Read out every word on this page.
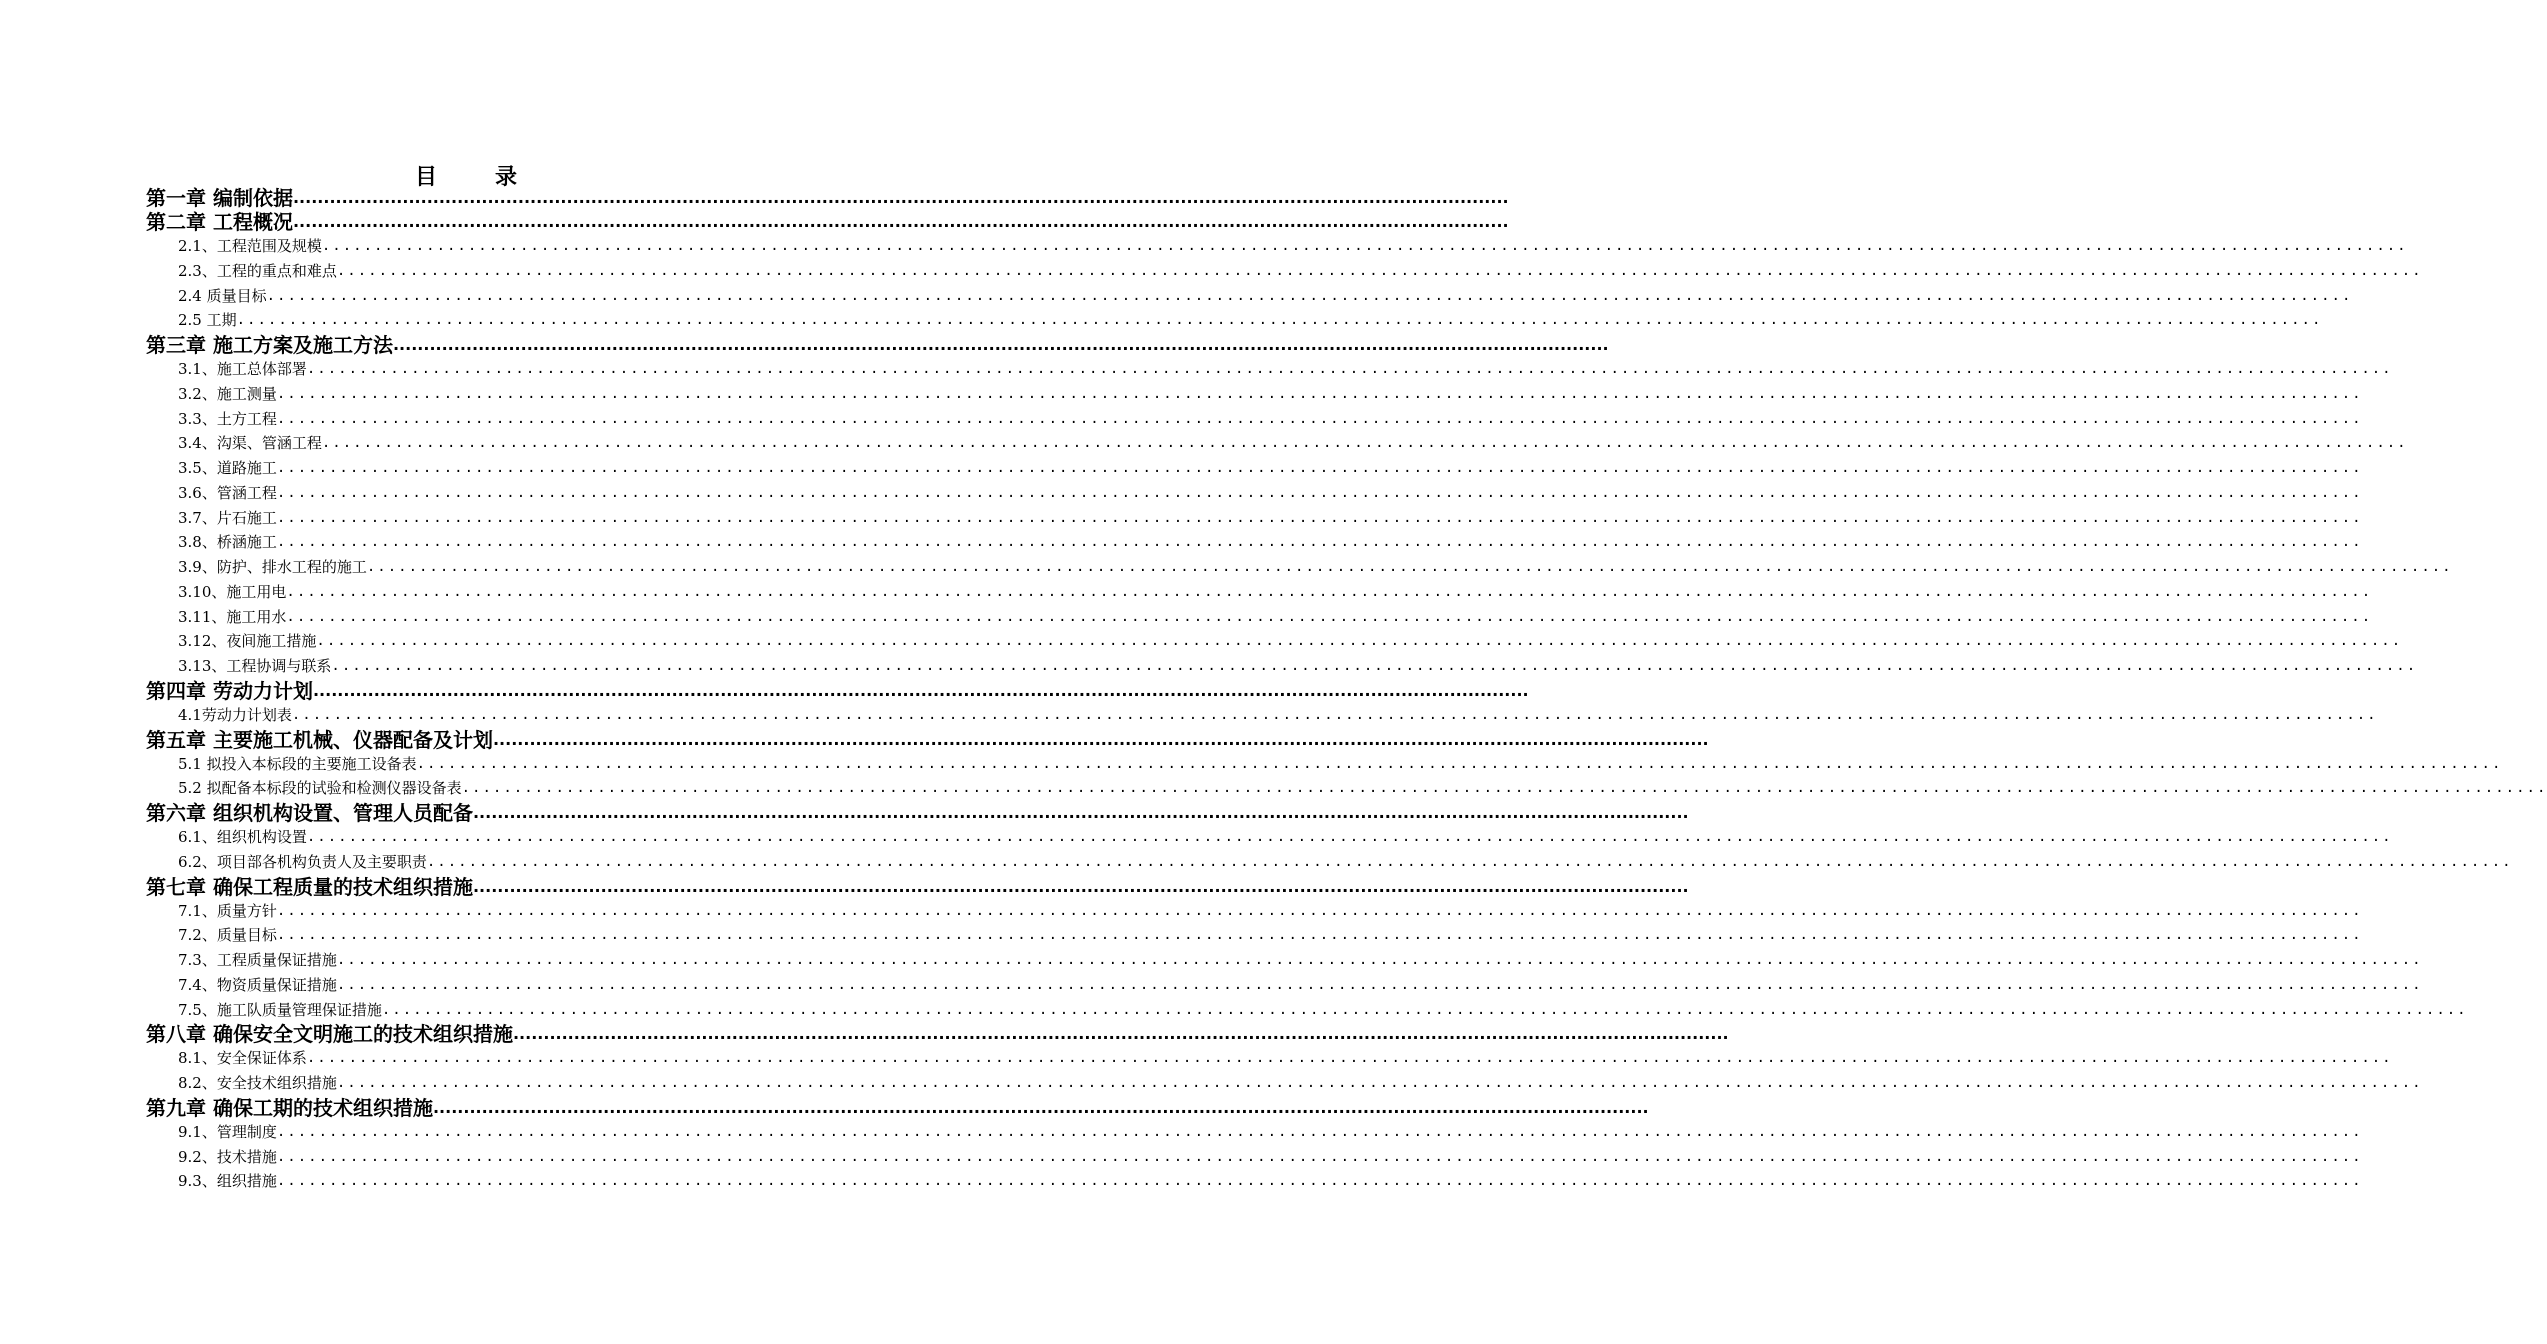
目　录
第一章 编制依据 ........................................................................................................................................................................................................
第二章 工程概况 ........................................................................................................................................................................................................
2.1、工程范围及规模 ........................................................................................................................................................................................................
2.3、工程的重点和难点 ........................................................................................................................................................................................................
2.4 质量目标 ........................................................................................................................................................................................................
2.5 工期 ........................................................................................................................................................................................................
第三章 施工方案及施工方法 ........................................................................................................................................................................................................
3.1、施工总体部署 ........................................................................................................................................................................................................
3.2、施工测量 ........................................................................................................................................................................................................
3.3、土方工程 ........................................................................................................................................................................................................
3.4、沟渠、管涵工程 ........................................................................................................................................................................................................
3.5、道路施工 ........................................................................................................................................................................................................
3.6、管涵工程 ........................................................................................................................................................................................................
3.7、片石施工 ........................................................................................................................................................................................................
3.8、桥涵施工 ........................................................................................................................................................................................................
3.9、防护、排水工程的施工 ........................................................................................................................................................................................................
3.10、施工用电 ........................................................................................................................................................................................................
3.11、施工用水 ........................................................................................................................................................................................................
3.12、夜间施工措施 ........................................................................................................................................................................................................
3.13、工程协调与联系 ........................................................................................................................................................................................................
第四章 劳动力计划 ........................................................................................................................................................................................................
4.1劳动力计划表 ........................................................................................................................................................................................................
第五章 主要施工机械、仪器配备及计划 ........................................................................................................................................................................................................
5.1 拟投入本标段的主要施工设备表 ........................................................................................................................................................................................................
5.2 拟配备本标段的试验和检测仪器设备表 ........................................................................................................................................................................................................
第六章 组织机构设置、管理人员配备 ........................................................................................................................................................................................................
6.1、组织机构设置 ........................................................................................................................................................................................................
6.2、项目部各机构负责人及主要职责 ........................................................................................................................................................................................................
第七章 确保工程质量的技术组织措施 ........................................................................................................................................................................................................
7.1、质量方针 ........................................................................................................................................................................................................
7.2、质量目标 ........................................................................................................................................................................................................
7.3、工程质量保证措施 ........................................................................................................................................................................................................
7.4、物资质量保证措施 ........................................................................................................................................................................................................
7.5、施工队质量管理保证措施 ........................................................................................................................................................................................................
第八章 确保安全文明施工的技术组织措施 ........................................................................................................................................................................................................
8.1、安全保证体系 ........................................................................................................................................................................................................
8.2、安全技术组织措施 ........................................................................................................................................................................................................
第九章 确保工期的技术组织措施 ........................................................................................................................................................................................................
9.1、管理制度 ........................................................................................................................................................................................................
9.2、技术措施 ........................................................................................................................................................................................................
9.3、组织措施 ........................................................................................................................................................................................................
